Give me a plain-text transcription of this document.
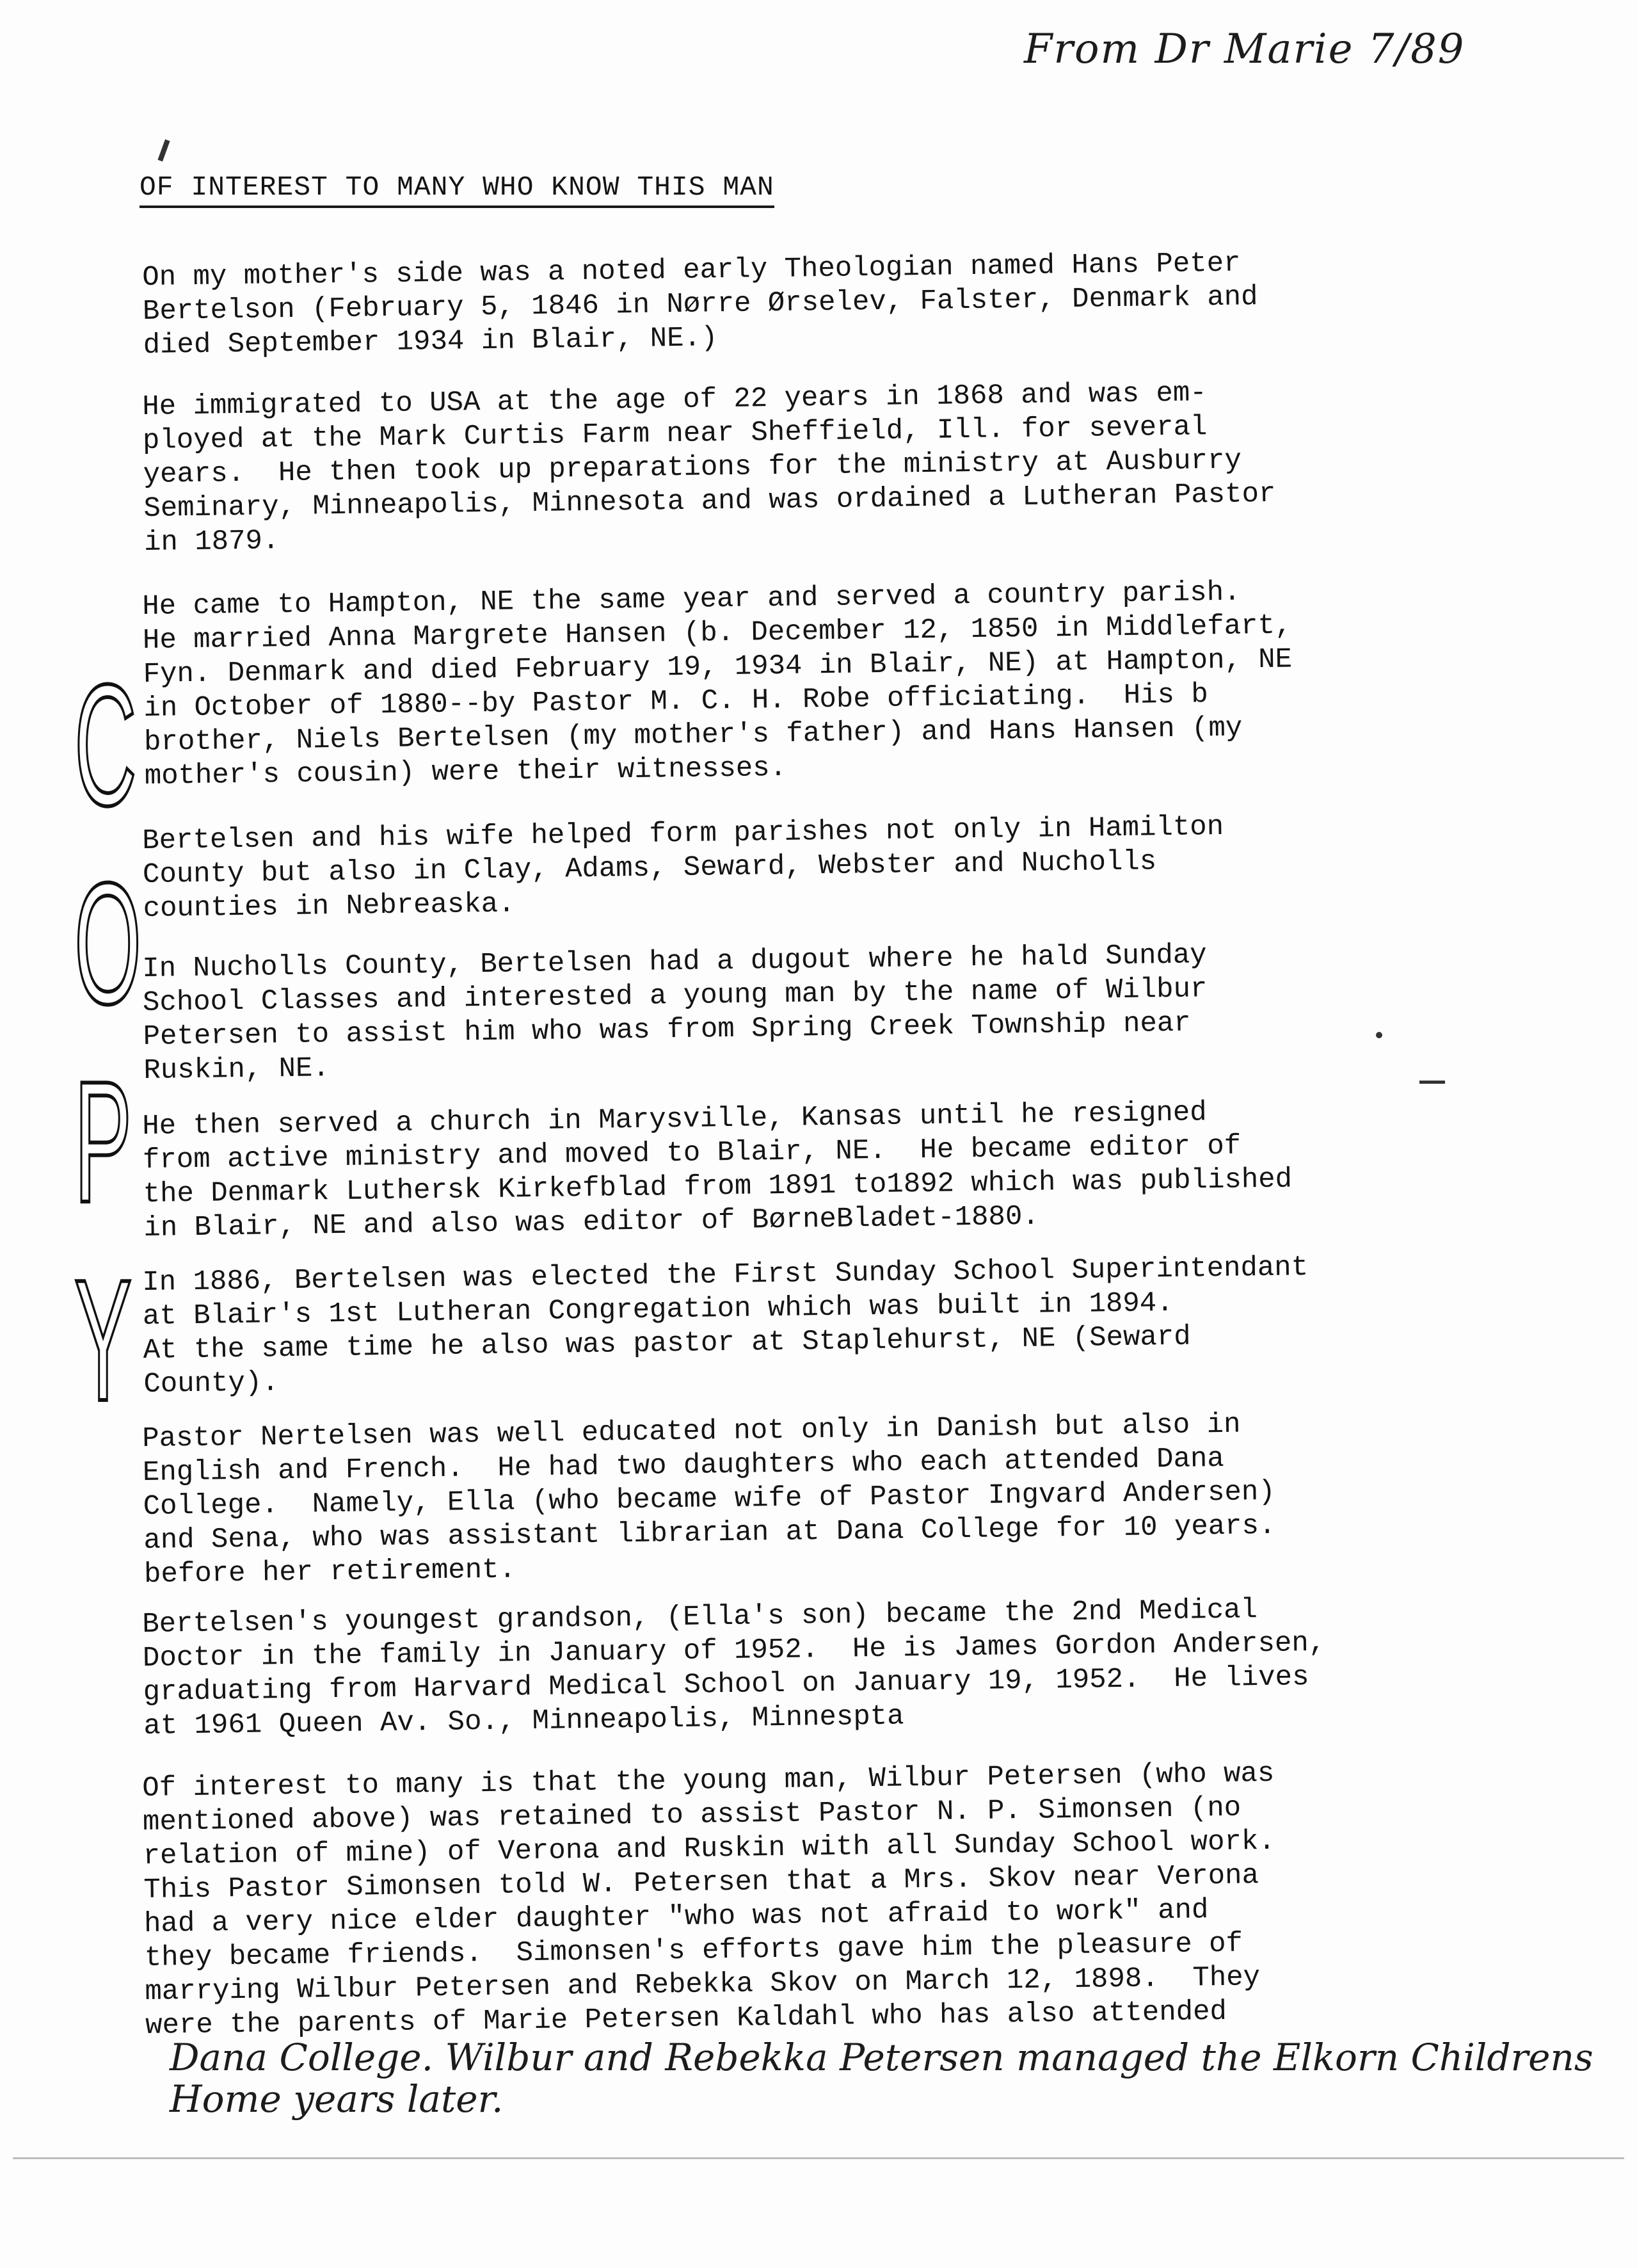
From Dr Marie 7/89
OF INTEREST TO MANY WHO KNOW THIS MAN
C
O
P
Y
On my mother's side was a noted early Theologian named Hans Peter
Bertelson (February 5, 1846 in Nørre Ørselev, Falster, Denmark and
died September 1934 in Blair, NE.)
He immigrated to USA at the age of 22 years in 1868 and was em-
ployed at the Mark Curtis Farm near Sheffield, Ill. for several
years.  He then took up preparations for the ministry at Ausburry
Seminary, Minneapolis, Minnesota and was ordained a Lutheran Pastor
in 1879.
He came to Hampton, NE the same year and served a country parish.
He married Anna Margrete Hansen (b. December 12, 1850 in Middlefart,
Fyn. Denmark and died February 19, 1934 in Blair, NE) at Hampton, NE
in October of 1880--by Pastor M. C. H. Robe officiating.  His b
brother, Niels Bertelsen (my mother's father) and Hans Hansen (my
mother's cousin) were their witnesses.
Bertelsen and his wife helped form parishes not only in Hamilton
County but also in Clay, Adams, Seward, Webster and Nucholls
counties in Nebreaska.
In Nucholls County, Bertelsen had a dugout where he hald Sunday
School Classes and interested a young man by the name of Wilbur
Petersen to assist him who was from Spring Creek Township near
Ruskin, NE.
He then served a church in Marysville, Kansas until he resigned
from active ministry and moved to Blair, NE.  He became editor of
the Denmark Luthersk Kirkefblad from 1891 to1892 which was published
in Blair, NE and also was editor of BørneBladet-1880.
In 1886, Bertelsen was elected the First Sunday School Superintendant
at Blair's 1st Lutheran Congregation which was built in 1894.
At the same time he also was pastor at Staplehurst, NE (Seward
County).
Pastor Nertelsen was well educated not only in Danish but also in
English and French.  He had two daughters who each attended Dana
College.  Namely, Ella (who became wife of Pastor Ingvard Andersen)
and Sena, who was assistant librarian at Dana College for 10 years.
before her retirement.
Bertelsen's youngest grandson, (Ella's son) became the 2nd Medical
Doctor in the family in January of 1952.  He is James Gordon Andersen,
graduating from Harvard Medical School on January 19, 1952.  He lives
at 1961 Queen Av. So., Minneapolis, Minnespta
Of interest to many is that the young man, Wilbur Petersen (who was
mentioned above) was retained to assist Pastor N. P. Simonsen (no
relation of mine) of Verona and Ruskin with all Sunday School work.
This Pastor Simonsen told W. Petersen that a Mrs. Skov near Verona
had a very nice elder daughter "who was not afraid to work" and
they became friends.  Simonsen's efforts gave him the pleasure of
marrying Wilbur Petersen and Rebekka Skov on March 12, 1898.  They
were the parents of Marie Petersen Kaldahl who has also attended
Dana College. Wilbur and Rebekka Petersen managed the Elkorn Childrens
Home years later.
